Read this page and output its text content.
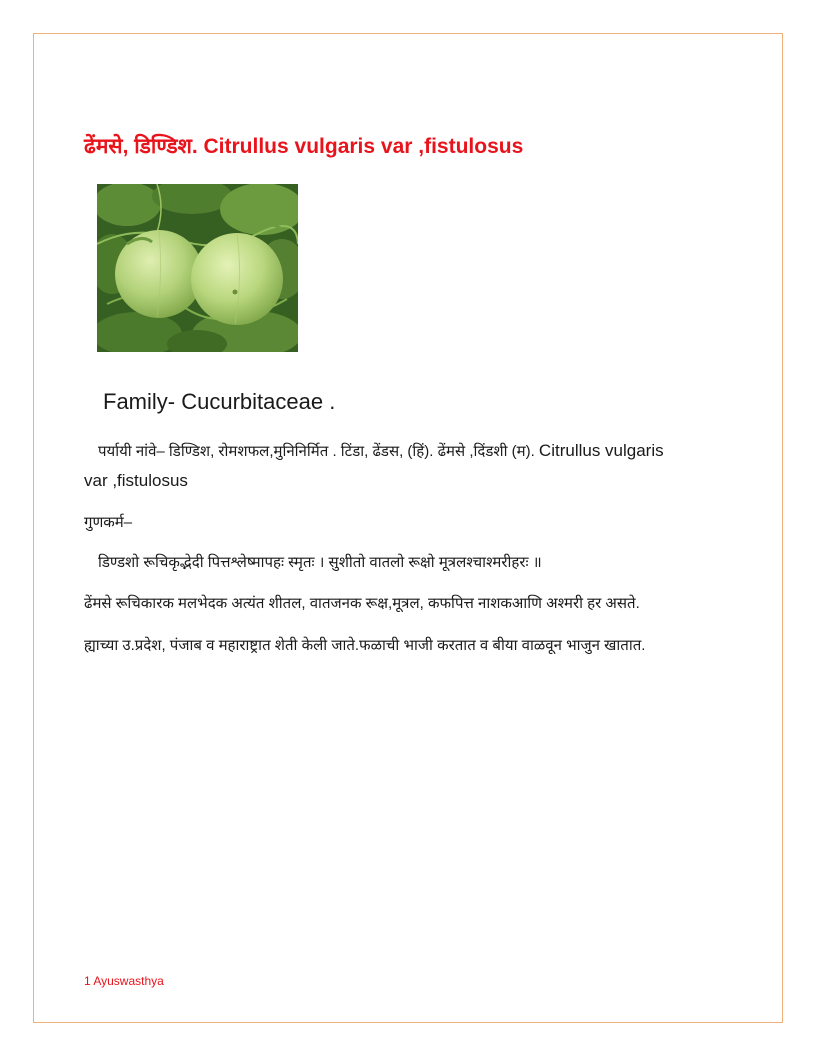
ढेंमसे, डिण्डिश. Citrullus vulgaris var ,fistulosus
Family- Cucurbitaceae .
पर्यायी नांवे– डिण्डिश, रोमशफल,मुनिनिर्मित . टिंडा, ढेंडस, (हिं). ढेंमसे ,दिंडशी (म). Citrullus vulgaris var ,fistulosus
गुणकर्म–
डिण्डशो रूचिकृद्भेदी पित्तश्लेष्मापहः स्मृतः । सुशीतो वातलो रूक्षो मूत्रलश्चाश्मरीहरः ॥
ढेंमसे रूचिकारक मलभेदक अत्यंत शीतल, वातजनक रूक्ष,मूत्रल, कफपित्त नाशकआणि अश्मरी हर असते.
ह्याच्या उ.प्रदेश, पंजाब व महाराष्ट्रात शेती केली जाते.फळाची भाजी करतात व बीया वाळवून भाजुन खातात.
1 Ayuswasthya
